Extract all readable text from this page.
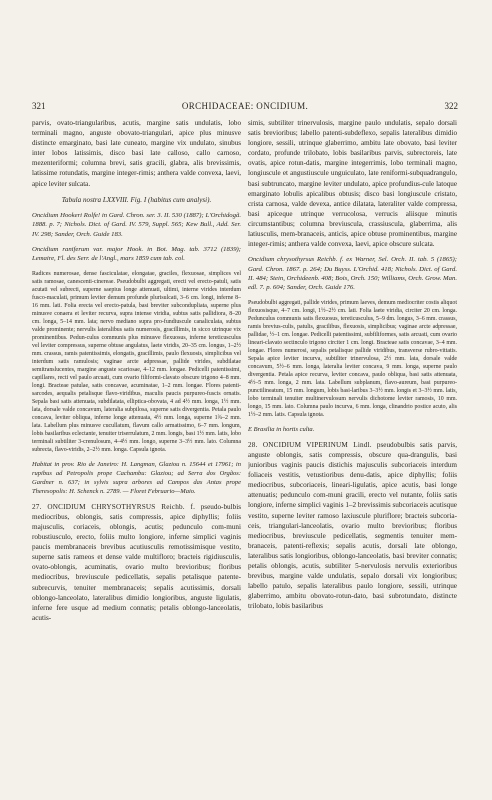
321	ORCHIDACEAE: ONCIDIUM.	322

parvis, ovato-triangularibus, acutis, margine satis undulatis, lobo terminali magno, anguste obovato-triangulari, apice plus minusve distincte emarginato, basi late cuneato, margine vix undulato, sinubus inter lobos latissimis, disco basi late calloso, callo carnoso, mezenteriformi; columna brevi, satis gracili, glabra, alis brevissimis, latissime rotundatis, margine integer-rimis; anthera valde convexa, laevi, apice leviter sulcata.

Tabula nostra LXXVIII. Fig. I (habitus cum analysi).

Oncidium Hookeri Rolfe! in Gard. Chron. ser. 3. II. 530 (1887); L'Orchidogã. 1888. p. 7; Nichols. Dict. of Gard. IV. 579, Suppl. 565; Kew Bull., Add. Ser. IV. 298; Sander, Orch. Guide 183.

Oncidium raniferum var. major Hook. in Bot. Mag. tab. 3712 (1839); Lemaire, Fl. des Serr. de l'Angl., mars 1859 cum tab. col.

Radices numerosae, dense fasciculatae, elongatae, graciles, flexuosae, simplices vel satis ramosae, canescenti-cinereae. Pseudobulbi aggregati, erecti vel erecto-patuli, satis acutati vel subrecti, superne saepius longe attenuati, ultimi, interne virides interdum fusco-maculati, primum leviter demum profunde plurisulcati, 3–6 cm. longi, inferne 8–16 mm. lati. Folia erecta vel erecto-patula, basi breviter subcondupliata, superne plus minusve conaera et leviter recurva, supra intense viridia, subtus satis pallidiora, 8–20 cm. longa, 5–14 mm. lata; nervo mediano supra pro-fundiuscule canaliculata, subtus valde prominente; nervulis lateralibus satis numerosis, gracillimis, in sicco utrinque vix prominentibus. Pedun-culus communis plus minusve flexuosus, inferne tereticusculus vel leviter compressus, superne obtuse angulatus, laete viridis, 20–35 cm. longus, 1–2½ mm. crassus, ramis patentissimis, elongatis, gracillimis, paulo flexuosis, simplicibus vel interdum satis ramulosis; vaginae arcte adpressae, pallide virides, subdilatae semitranslucentes, margine anguste scariosae, 4–12 mm. longae. Pedicelli patentissimi, capillares, recti vel paulo arcuati, cum ovario filiformi-clavato obscure trigono 4–8 mm. longi. Bracteae patulae, satis concavae, acuminatae, 1–2 mm. longae. Flores patenti-sarcodes, aequalis petalisque flavo-viridibus, maculis paucis purpureo-fuscis ornatis. Sepala basi satis attenuata, subdilatata, elliptica-obovata, 4 ad 4½ mm. longa, 1½ mm. lata, dorsale valde concavum, lateralia subpilosa, superne satis divergentia. Petala paulo concava, leviter obliqua, inferne longe attenuata, 4½ mm. longa, superne 1¾–2 mm. lata. Labellum plus minusve cucullatum, flavum callo armatissimo, 6–7 mm. longum, lobis basilaribus eclectante, tenuiter triserrulatum, 2 mm. longis, basi 1½ mm. latis, lobo terminali subtiliter 3-crenulosum, 4–4½ mm. longo, superne 3–3½ mm. lato. Columna subrecta, flavo-viridis, 2–2½ mm. longa. Capsula ignota.

Habitat in prov. Rio de Janeiro: H. Langman, Glaziou n. 15644 et 17961; in rupibus ad Petropolis prope Cachambu: Glaziou; ad Serra dos Orgãos: Gardner n. 637; in sylvis supra arbores ad Campos das Antas prope Theresopolis: H. Schenck n. 2789. — Floret Februario—Maio.

27. ONCIDIUM CHRYSOTHYRSUS Reichb. f. pseudo-bulbis mediocribus, oblongis, satis compressis, apice diphyllis; foliis majusculis, coriaceis, oblongis, acutis; pedunculo com-muni robustiusculo, erecto, foliis multo longiore, inferne simplici vaginis paucis membranaceis brevibus acutiusculis remotissimisque vestito, superne satis rameos et dense valde multifloro; bracteis rigidiusculis, ovato-oblongis, acuminatis, ovario multo brevioribus; floribus mediocribus, breviuscule pedicellatis, sepalis petalisque patente-subrecurvis, tenuiter membranaceis; sepalis acutissimis, dorsali oblongo-lanceolato, lateralibus dimidio longioribus, anguste ligulatis, inferne fere usque ad medium connatis; petalis oblongo-lanceolatis, acutis-

simis, subtiliter trinervulosis, margine paulo undulatis, sepalo dorsali satis brevioribus; labello patenti-subdeflexo, sepalis lateralibus dimidio longiore, sessili, utrinque glaberrimo, ambitu late obovato, basi leviter cordato, profunde trilobato, lobis basilaribus parvis, subrectoreis, late ovatis, apice rotun-datis, margine integerrimis, lobo terminali magno, longiuscule et angustiuscule unguiculato, late reniformi-subquadrangulo, basi subtruncato, margine leviter undulato, apice profundius-cule latoque emarginato lobulis apicalibus obtusis; disco basi longiuscule cristato, crista carnosa, valde devexa, antice dilatata, lateraliter valde compressa, basi apiceque utrinque verrucolosa, verrucis aliisque minutis circumstantibus; columna breviuscula, crassiuscula, glaberrima, alis latiusculis, mem-branaceis, anticis, apice obtuse prominentibus, margine integer-rimis; anthera valde convexa, laevi, apice obscure sulcata.

Oncidium chrysothyrsus Reichb. f. ex Warner, Sel. Orch. II. tab. 5 (1865); Gard. Chron. 1867. p. 264; Du Buyss. L'Orchid. 418; Nichols. Dict. of Gard. II. 484; Stein, Orchideenb. 408; Bois, Orch. 150; Williams, Orch. Grow. Man. edl. 7. p. 604; Sander, Orch. Guide 176.

Pseudobulbi aggregati, pallide virides, primum laeves, demum mediocriter costis aliquot flexuosisque, 4–7 cm. longi, 1½–2½ cm. lati. Folia laete viridia, circiter 20 cm. longa. Pedunculus communis satis flexuosus, tereticusculus, 5–9 dm. longus, 3–6 mm. crassus, ramis brevius-culis, patulis, gracilibus, flexuosis, simplicibus; vaginae arcte adpressae, pallidae, ½–1 cm. longae. Pedicelli patentissimi, subfiliformes, satis arcuati, cum ovario lineari-clavato sectinculo trigono circiter 1 cm. longi. Bracteae satis concavae, 3–4 mm. longae. Flores numerosi, sepalis petalisque pallide viridibus, transverse rubro-vittatis. Sepala apice leviter incurva, subtiliter trinervulosa, 2½ mm. lata, dorsale valde concavum, 5½–6 mm. longa, lateralia leviter concava, 9 mm. longa, superne paulo divergentia. Petala apice recurva, leviter concava, paulo obliqua, basi satis attenuata, 4½–5 mm. longa, 2 mm. lata. Labellum subplanum, flavo-aureum, basi purpureo-punctilineatum, 15 mm. longum, lobis basi-laribus 3–3½ mm. longis et 3–3½ mm. latis, lobo terminali tenuiter multinervulosum nervulis dichotome leviter ramosis, 10 mm. longo, 15 mm. lato. Columna paulo incurva, 6 mm. longa, clinandrio postice acuto, alis 1½–2 mm. latis. Capsula ignota.

E Brasilia in hortis culta.

28. ONCIDIUM VIPERINUM Lindl. pseudobulbis satis parvis, anguste oblongis, satis compressis, obscure qua-drangulis, basi junioribus vaginis paucis distichis majusculis subcoriaceis interdum foliaceis vestitis, vetustioribus denu-datis, apice diphyllis; foliis mediocribus, subcoriaceis, lineari-ligulatis, apice acutis, basi longe attenuatis; pedunculo com-muni gracili, erecto vel nutante, foliis satis longiore, inferne simplici vaginis 1–2 brevissimis subcoriaceis acutisque vestito, superne leviter ramoso laxiuscule pluriflore; bracteis subcoria-ceis, triangulari-lanceolatis, ovario multo brevioribus; floribus mediocribus, breviuscule pedicellatis, segmentis tenuiter mem-branaceis, patenti-reflexis; sepalis acutis, dorsali late oblongo, lateralibus satis longioribus, oblongo-lanceolatis, basi breviter connatis; petalis oblongis, acutis, subtiliter 5-nervulosis nervulis exterioribus brevibus, margine valde undulatis, sepalo dorsali vix longioribus; labello patulo, sepalis lateralibus paulo longiore, sessili, utrinque glaberrimo, ambitu obovato-rotun-dato, basi subrotundato, distincte trilobato, lobis basilaribus
